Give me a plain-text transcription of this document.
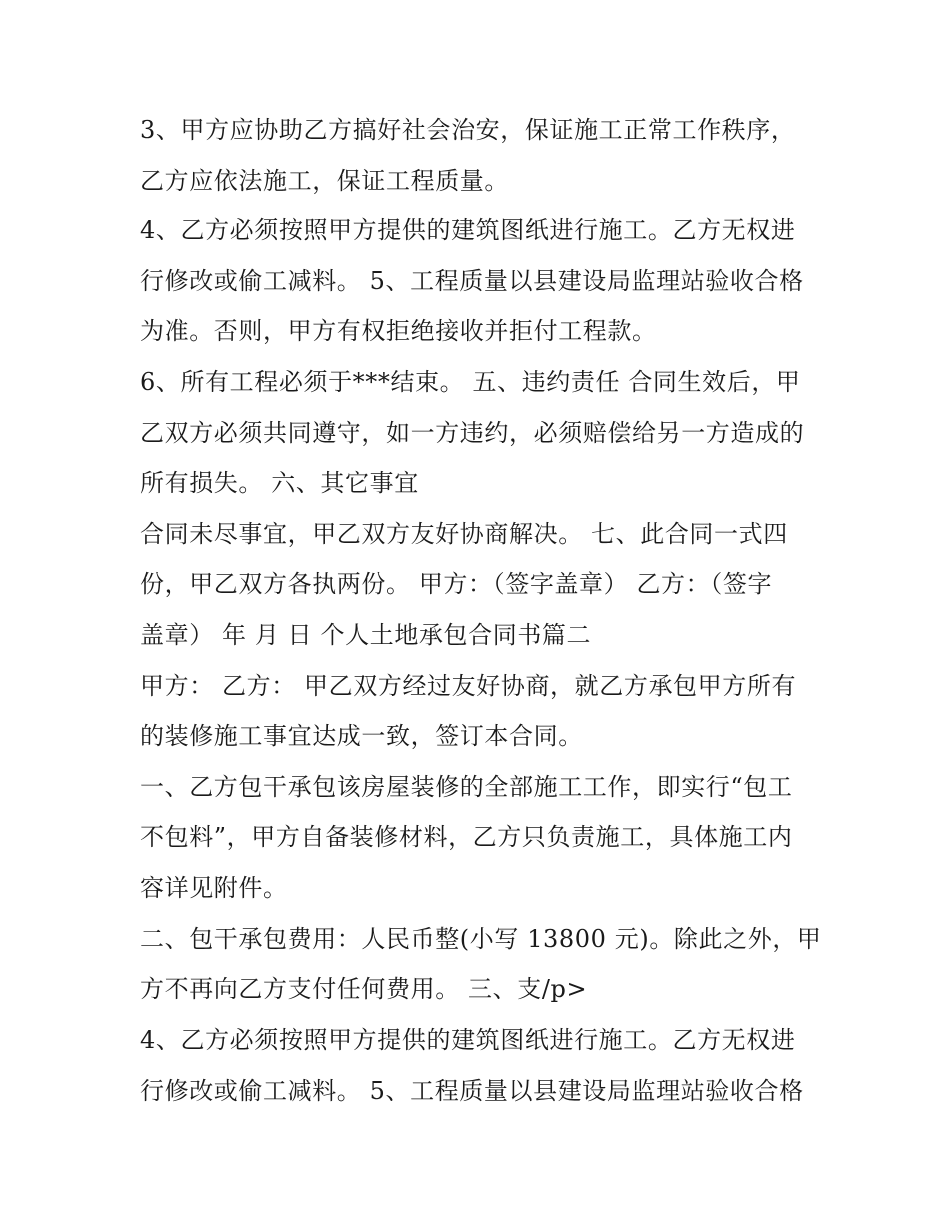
3、甲方应协助乙方搞好社会治安，保证施工正常工作秩序，
乙方应依法施工，保证工程质量。
4、乙方必须按照甲方提供的建筑图纸进行施工。乙方无权进
行修改或偷工减料。 5、工程质量以县建设局监理站验收合格
为准。否则，甲方有权拒绝接收并拒付工程款。
6、所有工程必须于***结束。 五、违约责任 合同生效后，甲
乙双方必须共同遵守，如一方违约，必须赔偿给另一方造成的
所有损失。 六、其它事宜
合同未尽事宜，甲乙双方友好协商解决。 七、此合同一式四
份，甲乙双方各执两份。 甲方：（签字盖章） 乙方：（签字
盖章） 年 月 日 个人土地承包合同书篇二
甲方： 乙方： 甲乙双方经过友好协商，就乙方承包甲方所有
的装修施工事宜达成一致，签订本合同。
一、乙方包干承包该房屋装修的全部施工工作，即实行“包工
不包料”，甲方自备装修材料，乙方只负责施工，具体施工内
容详见附件。
二、包干承包费用：人民币整(小写 13800 元)。除此之外，甲
方不再向乙方支付任何费用。 三、支/p>
4、乙方必须按照甲方提供的建筑图纸进行施工。乙方无权进
行修改或偷工减料。 5、工程质量以县建设局监理站验收合格
